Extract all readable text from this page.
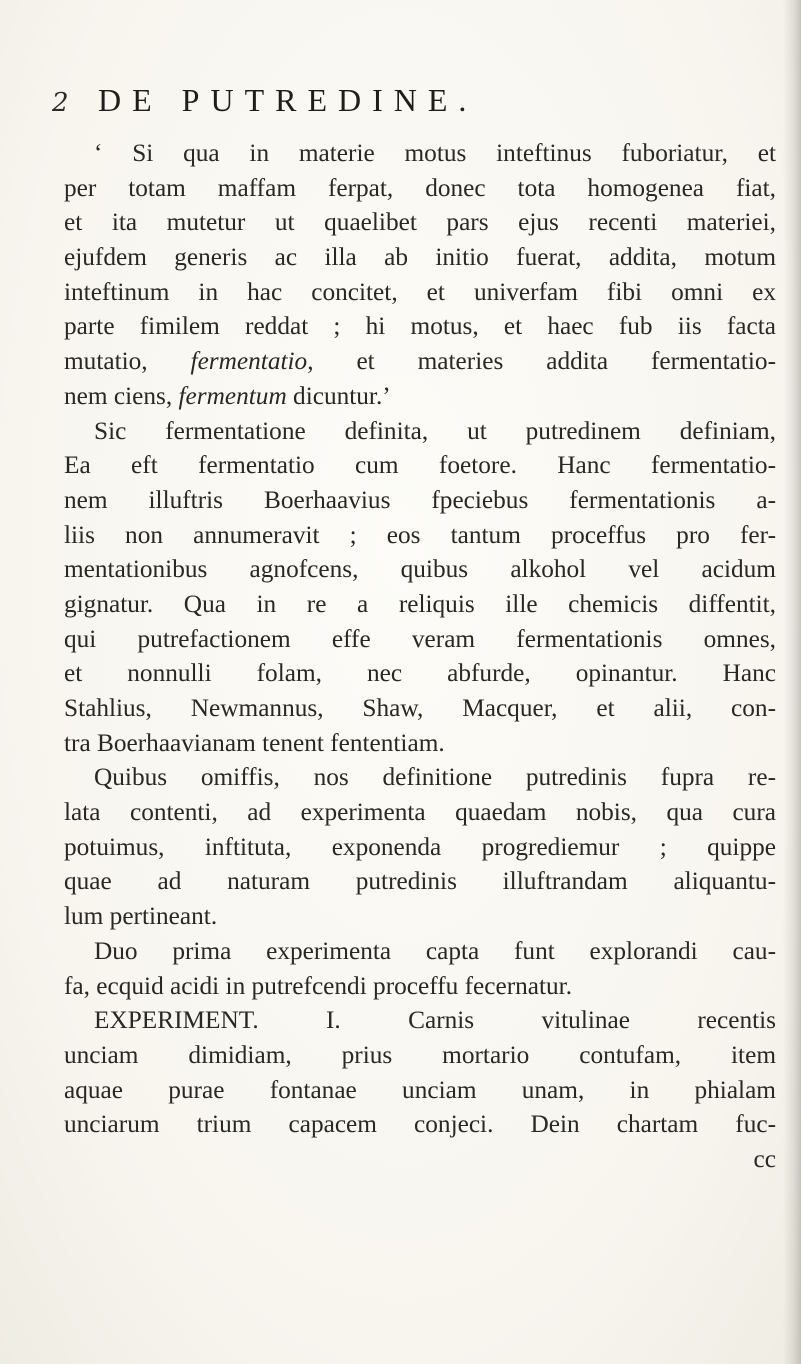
2 DE PUTREDINE.
‘ Si qua in materie motus inteftinus fuboriatur, et
per totam maffam ferpat, donec tota homogenea fiat,
et ita mutetur ut quaelibet pars ejus recenti materiei,
ejufdem generis ac illa ab initio fuerat, addita, motum
inteftinum in hac concitet, et univerfam fibi omni ex
parte fimilem reddat ; hi motus, et haec fub iis facta
mutatio, fermentatio, et materies addita fermentatio-
nem ciens, fermentum dicuntur.’
Sic fermentatione definita, ut putredinem definiam,
Ea eft fermentatio cum foetore. Hanc fermentatio-
nem illuftris Boerhaavius fpeciebus fermentationis a-
liis non annumeravit ; eos tantum proceffus pro fer-
mentationibus agnofcens, quibus alkohol vel acidum
gignatur. Qua in re a reliquis ille chemicis diffentit,
qui putrefactionem effe veram fermentationis omnes,
et nonnulli folam, nec abfurde, opinantur. Hanc
Stahlius, Newmannus, Shaw, Macquer, et alii, con-
tra Boerhaavianam tenent fententiam.
Quibus omiffis, nos definitione putredinis fupra re-
lata contenti, ad experimenta quaedam nobis, qua cura
potuimus, inftituta, exponenda progrediemur ; quippe
quae ad naturam putredinis illuftrandam aliquantu-
lum pertineant.
Duo prima experimenta capta funt explorandi cau-
fa, ecquid acidi in putrefcendi proceffu fecernatur.
EXPERIMENT. I. Carnis vitulinae recentis
unciam dimidiam, prius mortario contufam, item
aquae purae fontanae unciam unam, in phialam
unciarum trium capacem conjeci. Dein chartam fuc-
cc
